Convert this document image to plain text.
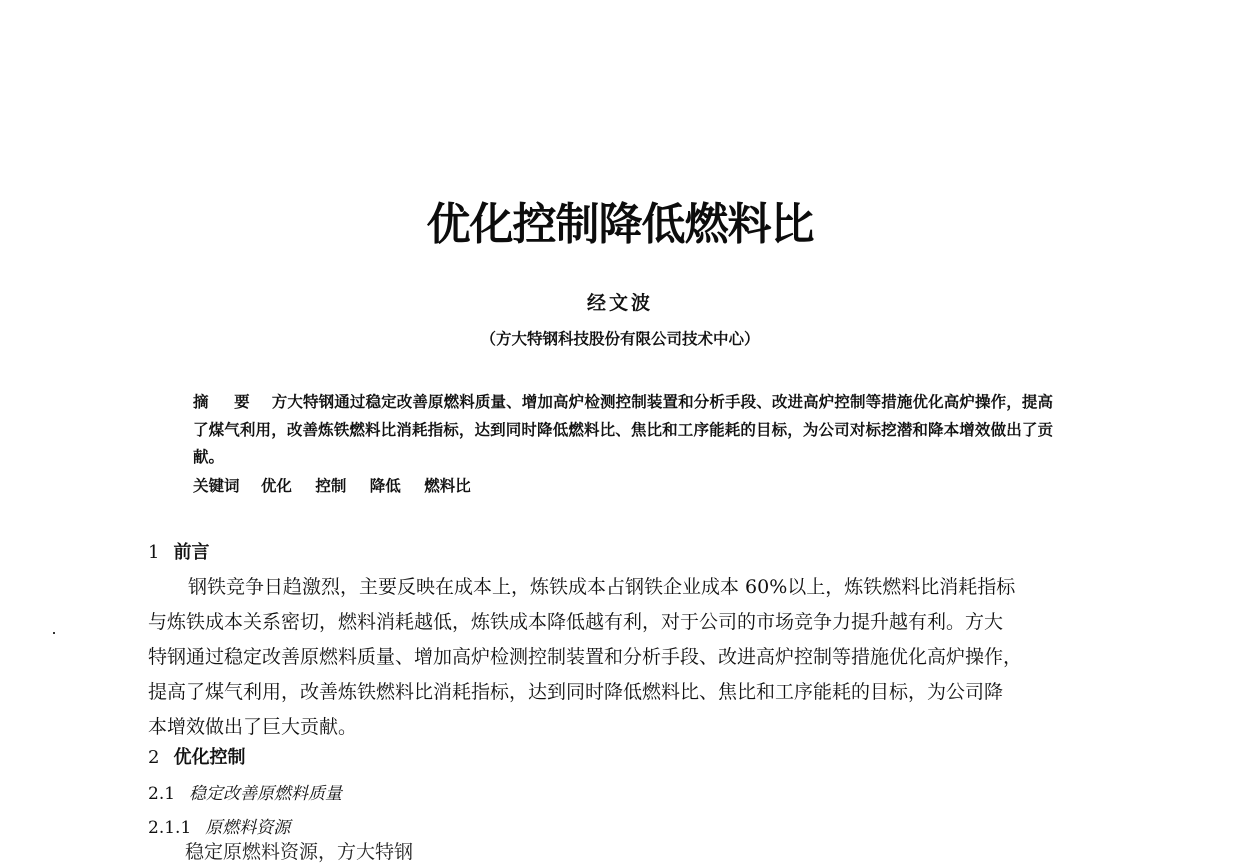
优化控制降低燃料比
经文波
（方大特钢科技股份有限公司技术中心）
摘 要 方大特钢通过稳定改善原燃料质量、增加高炉检测控制装置和分析手段、改进高炉控制等措施优化高炉操作，提高了煤气利用，改善炼铁燃料比消耗指标，达到同时降低燃料比、焦比和工序能耗的目标，为公司对标挖潜和降本增效做出了贡献。
关键词 优化 控制 降低 燃料比
1 前言
钢铁竞争日趋激烈，主要反映在成本上，炼铁成本占钢铁企业成本 60%以上，炼铁燃料比消耗指标
与炼铁成本关系密切，燃料消耗越低，炼铁成本降低越有利，对于公司的市场竞争力提升越有利。方大
特钢通过稳定改善原燃料质量、增加高炉检测控制装置和分析手段、改进高炉控制等措施优化高炉操作，
提高了煤气利用，改善炼铁燃料比消耗指标，达到同时降低燃料比、焦比和工序能耗的目标，为公司降
本增效做出了巨大贡献。
2 优化控制
2.1 稳定改善原燃料质量
2.1.1 原燃料资源
稳定原燃料资源，方大特钢
